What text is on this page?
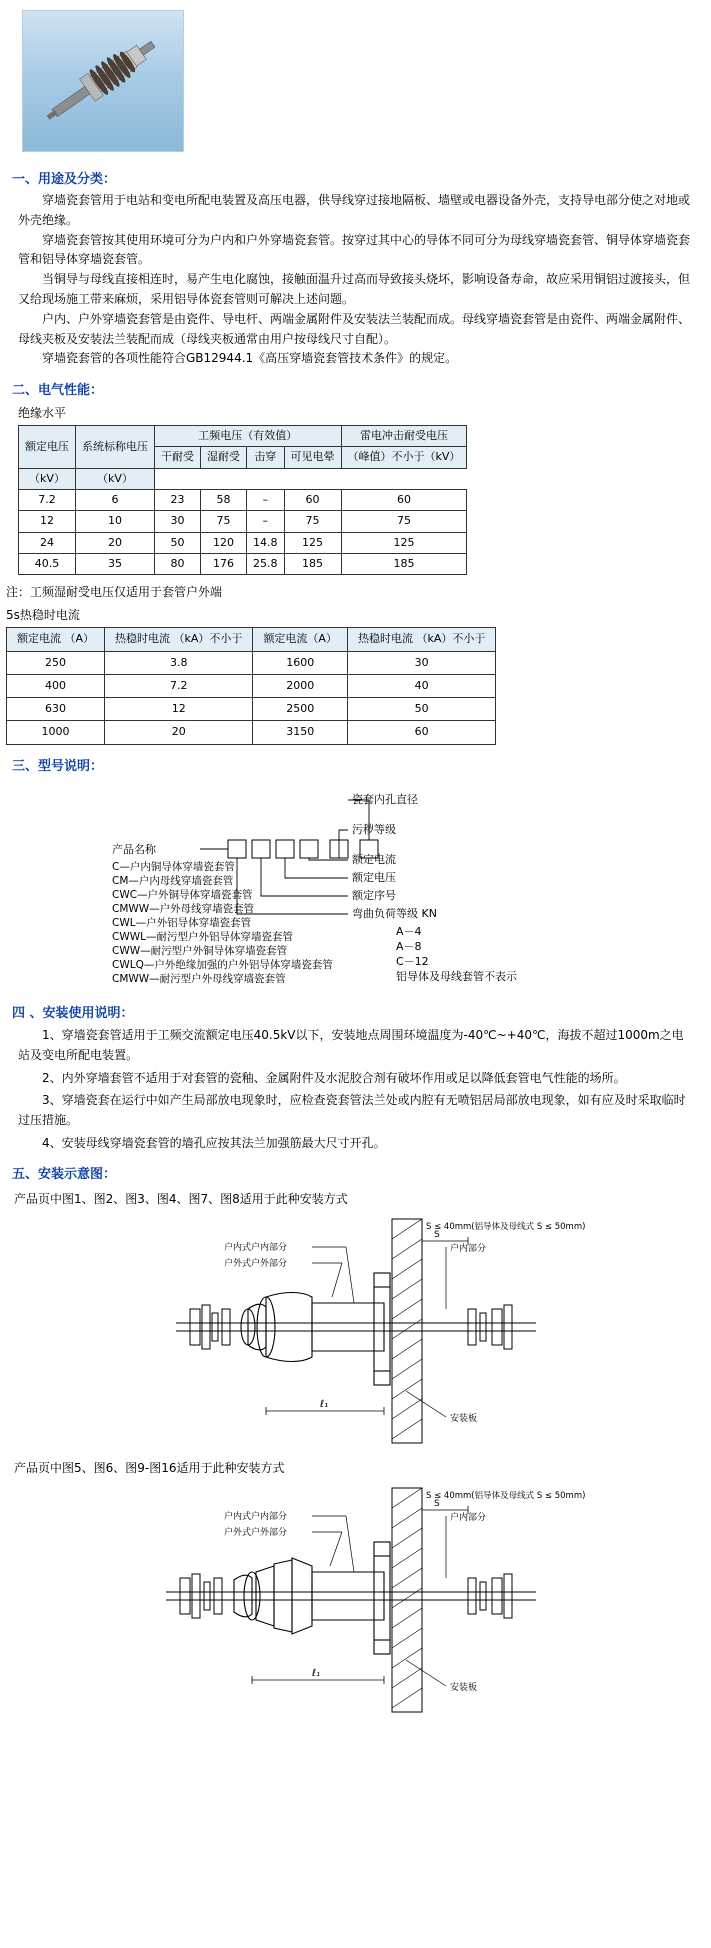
一、用途及分类：

穿墙瓷套管用于电站和变电所配电装置及高压电器，供导线穿过接地隔板、墙壁或电器设备外壳，支持导电部分使之对地或外壳绝缘。

穿墙瓷套管按其使用环境可分为户内和户外穿墙瓷套管。按穿过其中心的导体不同可分为母线穿墙瓷套管、铜导体穿墙瓷套管和铝导体穿墙瓷套管。

当铜导与母线直接相连时，易产生电化腐蚀，接触面温升过高而导致接头烧坏，影响设备寿命，故应采用铜铝过渡接头，但又给现场施工带来麻烦，采用铝导体瓷套管则可解决上述问题。

户内、户外穿墙瓷套管是由瓷件、导电杆、两端金属附件及安装法兰装配而成。母线穿墙瓷套管是由瓷件、两端金属附件、母线夹板及安装法兰装配而成（母线夹板通常由用户按母线尺寸自配）。

穿墙瓷套管的各项性能符合GB12944.1《高压穿墙瓷套管技术条件》的规定。

二、电气性能：
绝缘水平
额定电压	系统标称电压	工频电压（有效值）				雷电冲击耐受电压
		干耐受	湿耐受	击穿	可见电晕	（峰值）不小于（kV）
（kV）	（kV）					
7.2	6	23	58	–	60	60
12	10	30	75	–	75	75
24	20	50	120	14.8	125	125
40.5	35	80	176	25.8	185	185
注：工频湿耐受电压仅适用于套管户外端
5s热稳时电流
额定电流 （A）	热稳时电流 （kA）不小于	额定电流（A）	热稳时电流 （kA）不小于
250	3.8	1600	30
400	7.2	2000	40
630	12	2500	50
1000	20	3150	60
三、型号说明：
瓷套内孔直径
污秽等级
额定电流
额定电压
额定序号
弯曲负荷等级 KN
A－4
A－8
C－12
铝导体及母线套管不表示
产品名称
C—户内铜导体穿墙瓷套管
CM—户内母线穿墙瓷套管
CWC—户外铜导体穿墙瓷套管
CMWW—户外母线穿墙瓷套管
CWL—户外铝导体穿墙瓷套管
CWWL—耐污型户外铝导体穿墙瓷套管
CWW—耐污型户外铜导体穿墙瓷套管
CWLQ—户外绝缘加强的户外铝导体穿墙瓷套管
CMWW—耐污型户外母线穿墙瓷套管
四 、安装使用说明：

1、穿墙瓷套管适用于工频交流额定电压40.5kV以下，安装地点周围环境温度为-40℃~+40℃，海拔不超过1000m之电站及变电所配电装置。

2、内外穿墙套管不适用于对套管的瓷釉、金属附件及水泥胶合剂有破坏作用或足以降低套管电气性能的场所。

3、穿墙瓷套在运行中如产生局部放电现象时，应检查瓷套管法兰处或内腔有无喷铝居局部放电现象，如有应及时采取临时过压措施。

4、安装母线穿墙瓷套管的墙孔应按其法兰加强筋最大尺寸开孔。

五、安装示意图：
产品页中图1、图2、图3、图4、图7、图8适用于此种安装方式
S
S ≤ 40mm(铝导体及母线式 S ≤ 50mm)
户内式户内部分
户外式户外部分
户内部分
ℓ₁
安装板
产品页中图5、图6、图9-图16适用于此种安装方式
S
S ≤ 40mm(铝导体及母线式 S ≤ 50mm)
户内式户内部分
户外式户外部分
户内部分
ℓ₁
安装板
